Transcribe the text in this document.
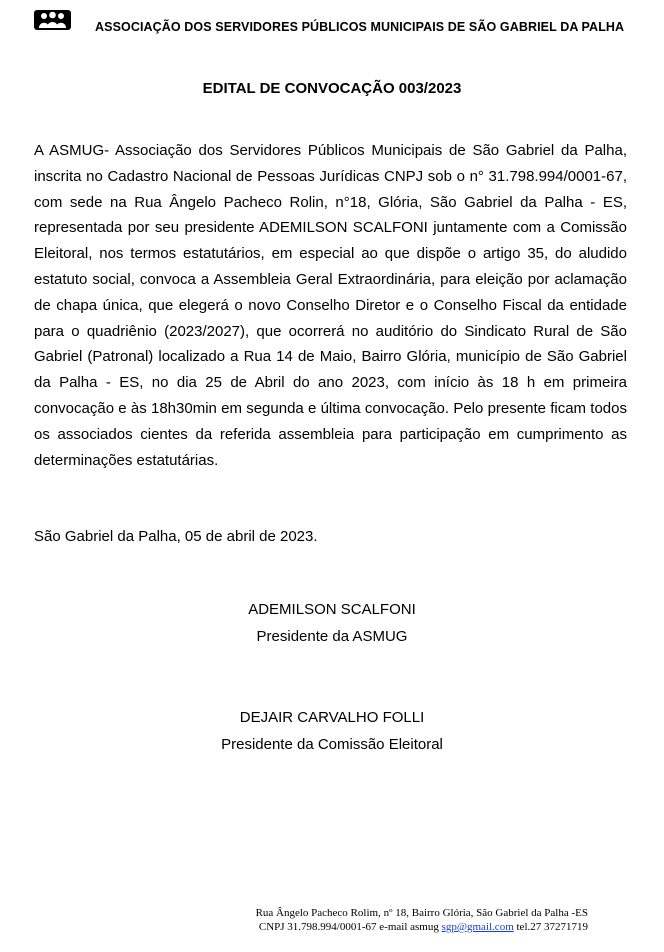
ASSOCIAÇÃO DOS SERVIDORES PÚBLICOS MUNICIPAIS DE SÃO GABRIEL DA PALHA
EDITAL DE CONVOCAÇÃO 003/2023

A ASMUG- Associação dos Servidores Públicos Municipais de São Gabriel da Palha, inscrita no Cadastro Nacional de Pessoas Jurídicas CNPJ sob o n° 31.798.994/0001-67, com sede na Rua Ângelo Pacheco Rolin, n°18, Glória, São Gabriel da Palha - ES, representada por seu presidente ADEMILSON SCALFONI juntamente com a Comissão Eleitoral, nos termos estatutários, em especial ao que dispõe o artigo 35, do aludido estatuto social, convoca a Assembleia Geral Extraordinária, para eleição por aclamação de chapa única, que elegerá o novo Conselho Diretor e o Conselho Fiscal da entidade para o quadriênio (2023/2027), que ocorrerá no auditório do Sindicato Rural de São Gabriel (Patronal) localizado a Rua 14 de Maio, Bairro Glória, município de São Gabriel da Palha - ES, no dia 25 de Abril do ano 2023, com início às 18 h em primeira convocação e às 18h30min em segunda e última convocação. Pelo presente ficam todos os associados cientes da referida assembleia para participação em cumprimento as determinações estatutárias.

São Gabriel da Palha, 05 de abril de 2023.
ADEMILSON SCALFONI
Presidente da ASMUG
DEJAIR CARVALHO FOLLI
Presidente da Comissão Eleitoral
Rua Ângelo Pacheco Rolim, nº 18, Bairro Glória, São Gabriel da Palha -ES
CNPJ 31.798.994/0001-67 e-mail asmug sgp@gmail.com tel.27 37271719
